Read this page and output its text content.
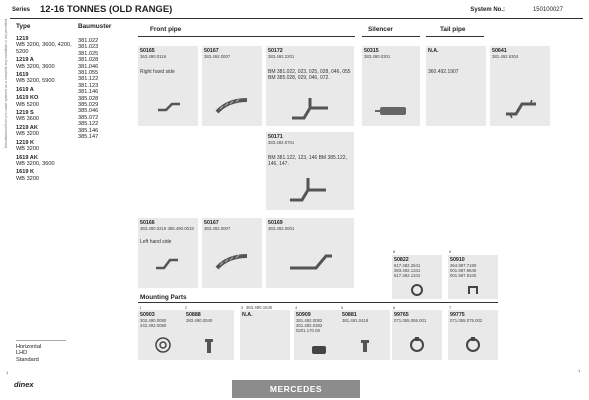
Series 12-16 TONNES (OLD RANGE)	System No.:	150100027
Manufactured from pre-made systems as a complete key substitute is not permitted	Type	Baumuster
1219
WB 3200, 3600, 4200, 5200
1219 A
WB 3200, 3600
1619
WB 3200, 5900
1619 A
1619 KO
WB 5200
1219 S
WB 3600
1219 AK
WB 3200
1219 K
WB 3200
1619 AK
WB 3200, 3600
1619 K
WB 3200
381.022
381.023
381.025
381.028
381.046
381.055
381.122
381.123
381.146
385.028
385.029
385.046
385.072
385.122
385.146
385.147
Horizontal
LHD
Standard
Front pipe	Silencer	Tail pipe
Mounting Parts
50165
363.490.0119
Right hand side
50167
383.492.0007
50172
383.492.2201
BM 381.022, 023, 025, 028, 046, 055 BM 385.028, 029, 046, 072.
50315
383.490.0301
N.A.
360.492.1907
50641
381.492.6304
50171
383.492.0701
BM 381.122, 123, 146 BM 385.122, 146, 147.
50166
383.490.0219 385.490.0019
Left hand side
50167
383.492.0007
50169
383.492.0001
8
50822
617.492.2641 383.492.1341 617.492.1341
9
50910
364.987.7180 001.987.9640 001.987.5340
1
50903
302.490.0080 442.492.0080
2
50888
383.490.0040
3 363.490.1540
N.A.
4
50909
381.492.0082 301.492.0382 0201.170.08
5
50881
381.491.0419
6
99765
071.055.065.001
7
99775
071.055.075.002
dinex	MERCEDES
1	1
